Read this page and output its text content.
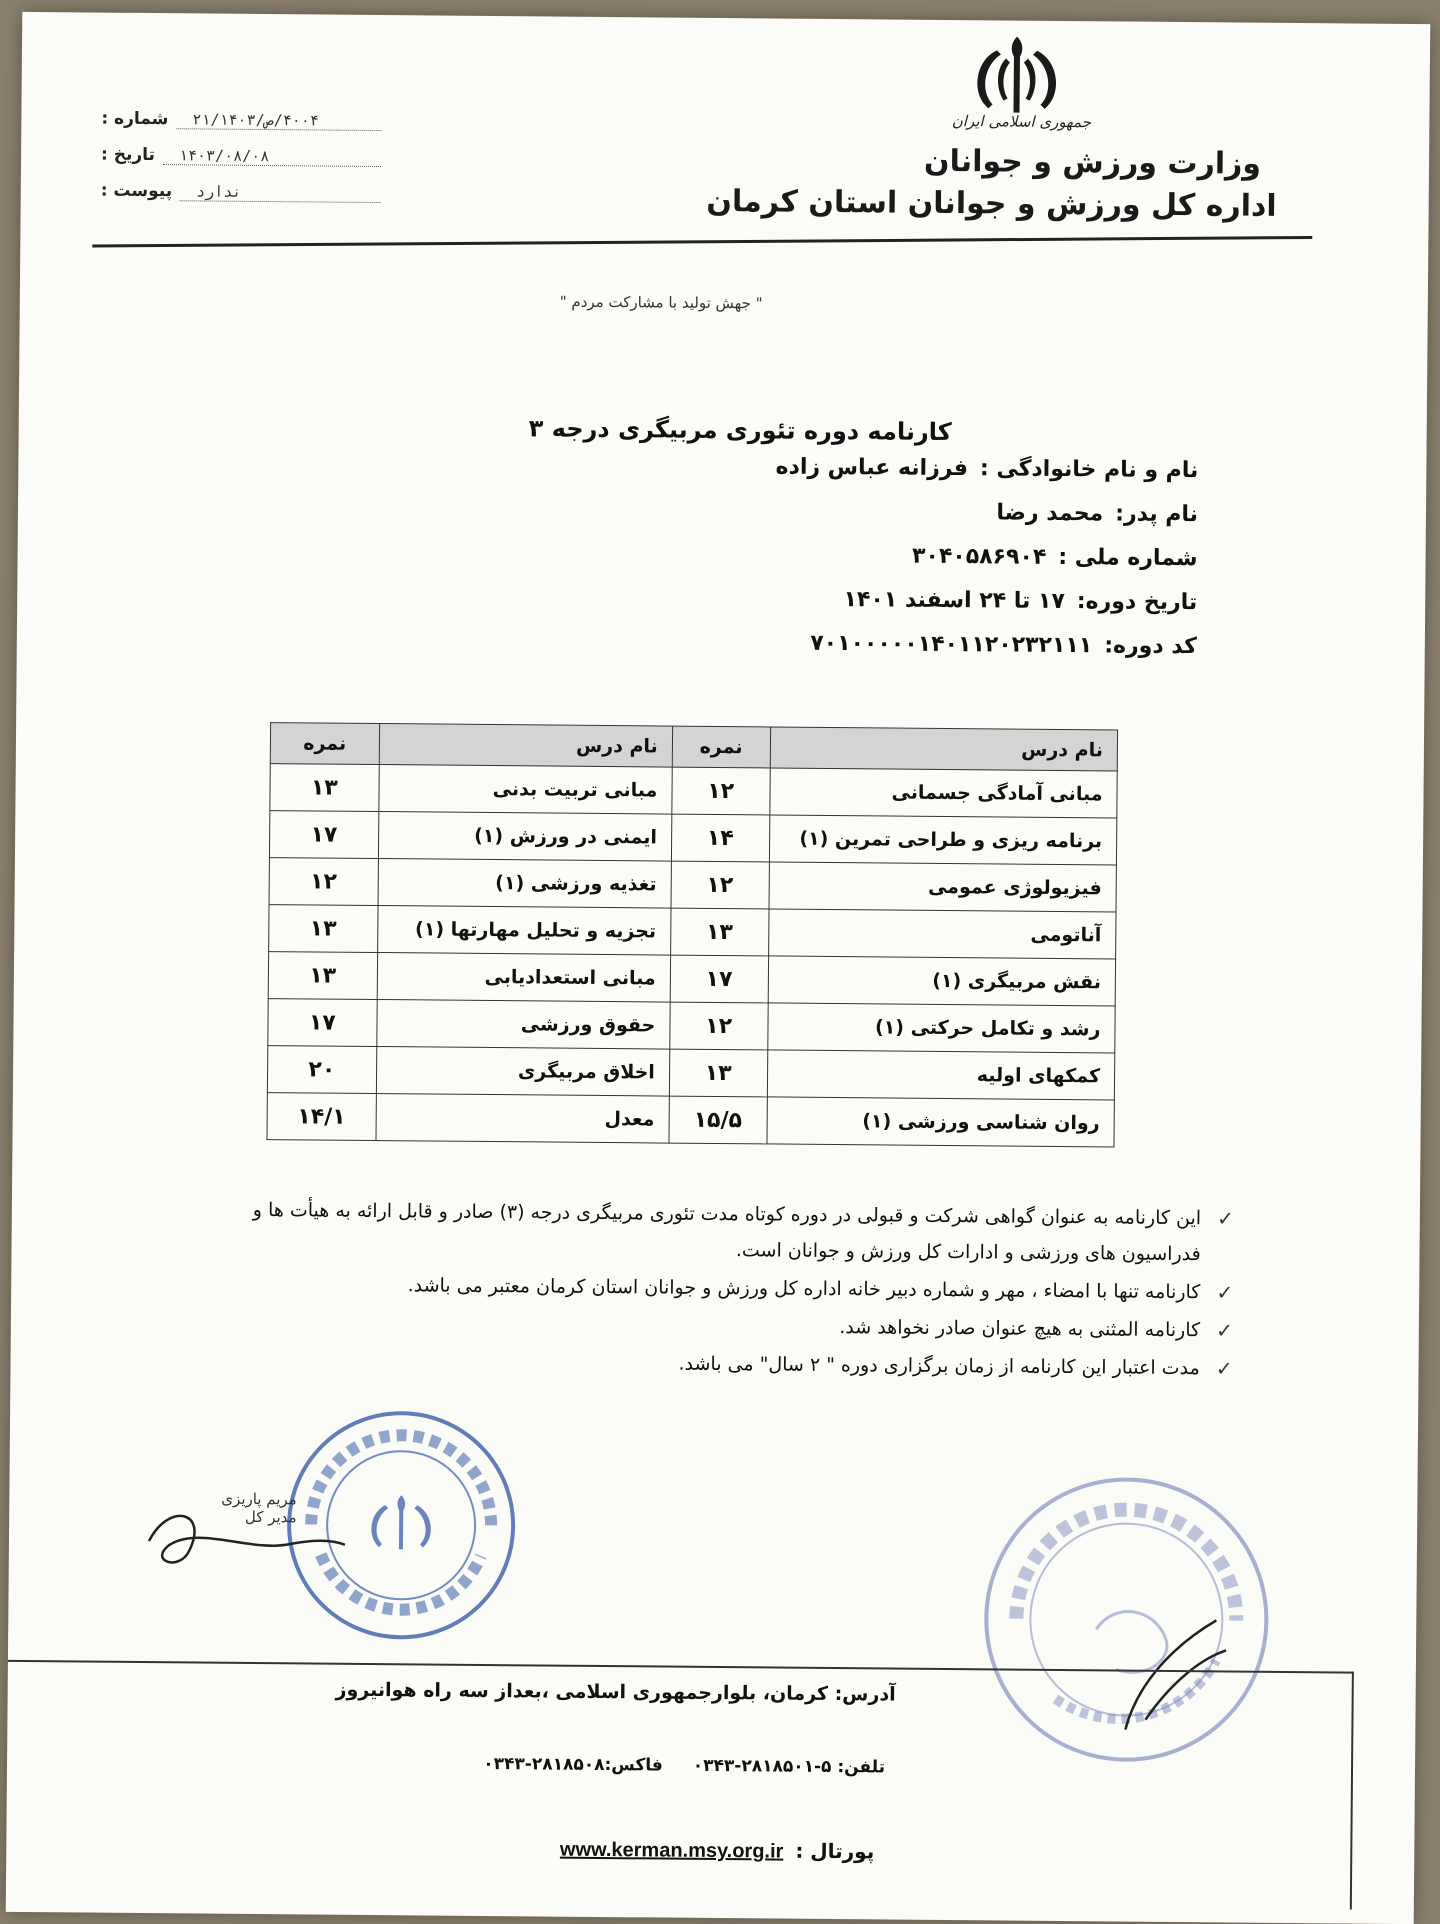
جمهوری اسلامی ایران
وزارت ورزش و جوانان
اداره کل ورزش و جوانان استان کرمان
شماره :	۴۰۰۴/ص/۲۱/۱۴۰۳
تاریخ :	۱۴۰۳/۰۸/۰۸
پیوست :	ندارد
" جهش تولید با مشارکت مردم "
کارنامه دوره تئوری مربیگری درجه ۳
نام و نام خانوادگی :
فرزانه عباس زاده
نام پدر:
محمد رضا
شماره ملی :
۳۰۴۰۵۸۶۹۰۴
تاریخ دوره:
۱۷ تا ۲۴ اسفند ۱۴۰۱
کد دوره:
۷۰۱۰۰۰۰۰۱۴۰۱۱۲۰۲۳۲۱۱۱
نام درس	نمره	نام درس	نمره
مبانی آمادگی جسمانی	۱۲	مبانی تربیت بدنی	۱۳
برنامه ریزی و طراحی تمرین (۱)	۱۴	ایمنی در ورزش (۱)	۱۷
فیزیولوژی عمومی	۱۲	تغذیه ورزشی (۱)	۱۲
آناتومی	۱۳	تجزیه و تحلیل مهارتها (۱)	۱۳
نقش مربیگری (۱)	۱۷	مبانی استعدادیابی	۱۳
رشد و تکامل حرکتی (۱)	۱۲	حقوق ورزشی	۱۷
کمکهای اولیه	۱۳	اخلاق مربیگری	۲۰
روان شناسی ورزشی (۱)	۱۵/۵	معدل	۱۴/۱
✓
این کارنامه به عنوان گواهی شرکت و قبولی در دوره کوتاه مدت تئوری مربیگری درجه (۳) صادر و قابل ارائه به هیأت ها و فدراسیون های ورزشی و ادارات کل ورزش و جوانان است.
✓
کارنامه تنها با امضاء ، مهر و شماره دبیر خانه اداره کل ورزش و جوانان استان کرمان معتبر می باشد.
✓
کارنامه المثنی به هیچ عنوان صادر نخواهد شد.
✓
مدت اعتبار این کارنامه از زمان برگزاری دوره " ۲ سال" می باشد.
مریم پاریزی
مدیر کل
آدرس: کرمان، بلوارجمهوری اسلامی ،بعداز سه راه هوانیروز
تلفن: ۵-۲۸۱۸۵۰۱-۰۳۴۳
فاکس:۲۸۱۸۵۰۸-۰۳۴۳
پورتال :
www.kerman.msy.org.ir
